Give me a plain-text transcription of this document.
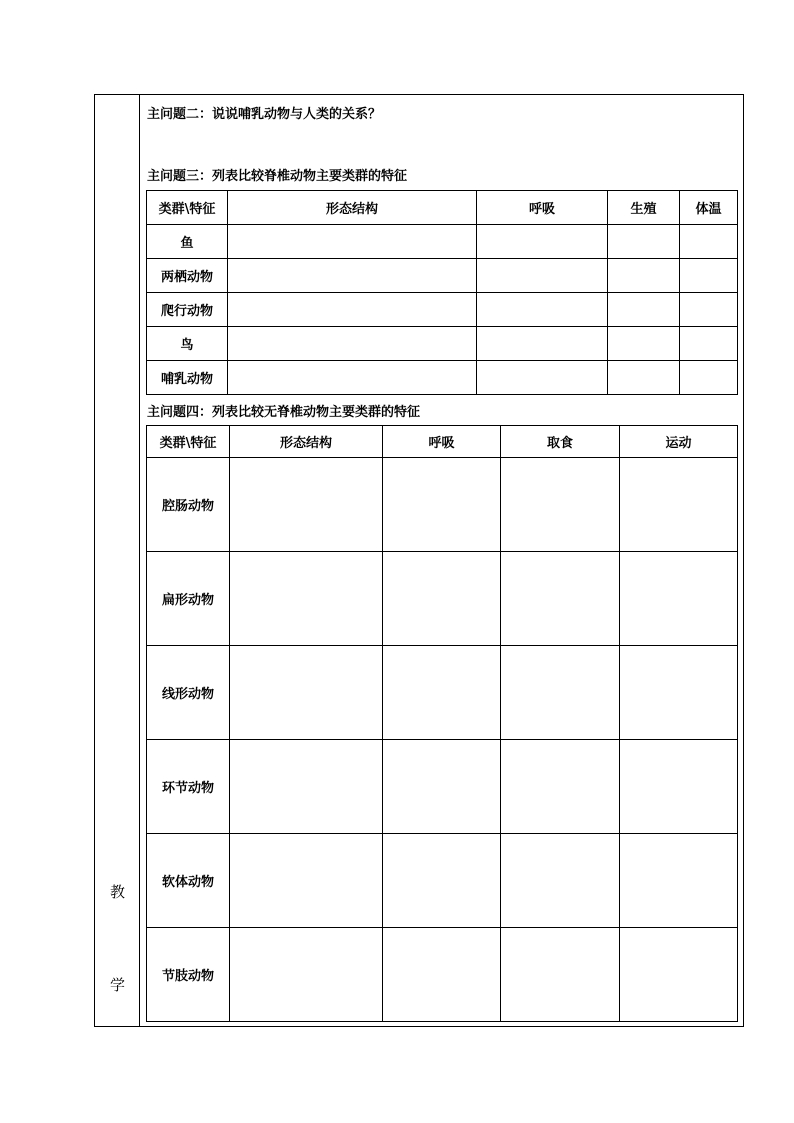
教
学
主问题二：说说哺乳动物与人类的关系？
主问题三：列表比较脊椎动物主要类群的特征
类群\特征	形态结构	呼吸	生殖	体温
鱼				
两栖动物				
爬行动物				
鸟				
哺乳动物				
主问题四：列表比较无脊椎动物主要类群的特征
类群\特征	形态结构	呼吸	取食	运动
腔肠动物				
扁形动物				
线形动物				
环节动物				
软体动物				
节肢动物				
